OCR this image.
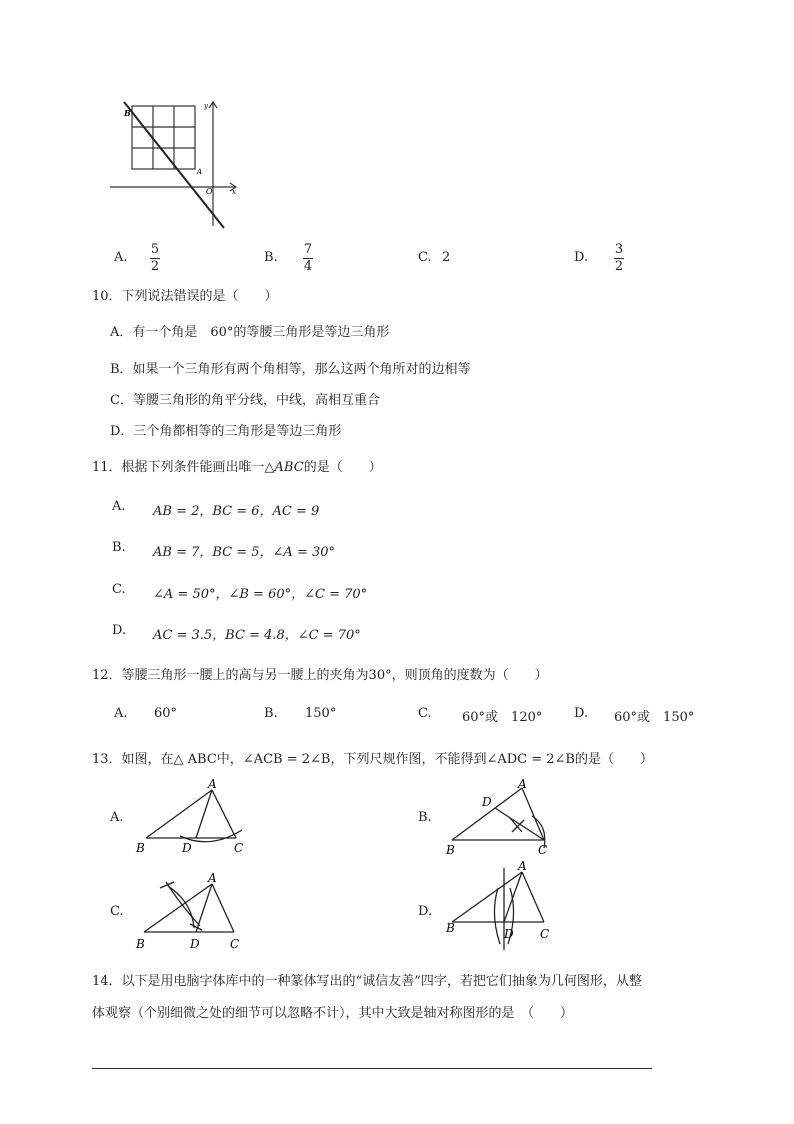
B
A
O	x
y
A.
5
2
B.
7
4
C. 2	D.
3
2
10．下列说法错误的是（　　）
A．有一个角是　60°的等腰三角形是等边三角形
B．如果一个三角形有两个角相等，那么这两个角所对的边相等
C．等腰三角形的角平分线，中线，高相互重合
D．三个角都相等的三角形是等边三角形
11．根据下列条件能画出唯一△ABC的是（　　）
A. AB = 2，BC = 6，AC = 9
B. AB = 7，BC = 5，∠A = 30°
C. ∠A = 50°，∠B = 60°，∠C = 70°
D. AC = 3.5，BC = 4.8，∠C = 70°
12．等腰三角形一腰上的高与另一腰上的夹角为30°，则顶角的度数为（　　）
A. 60°	B. 150°	C. 60°或　120° D. 60°或　150°
13．如图，在△ ABC中，∠ACB = 2∠B，下列尺规作图，不能得到∠ADC = 2∠B的是（　　）
A.
A
B	D	C
B.
A
D
B	C
C.
A
B	D	C
D.
A
B	D C
14．以下是用电脑字体库中的一种篆体写出的“诚信友善”四字，若把它们抽象为几何图形，从整
体观察（个别细微之处的细节可以忽略不计），其中大致是轴对称图形的是　（　　）
